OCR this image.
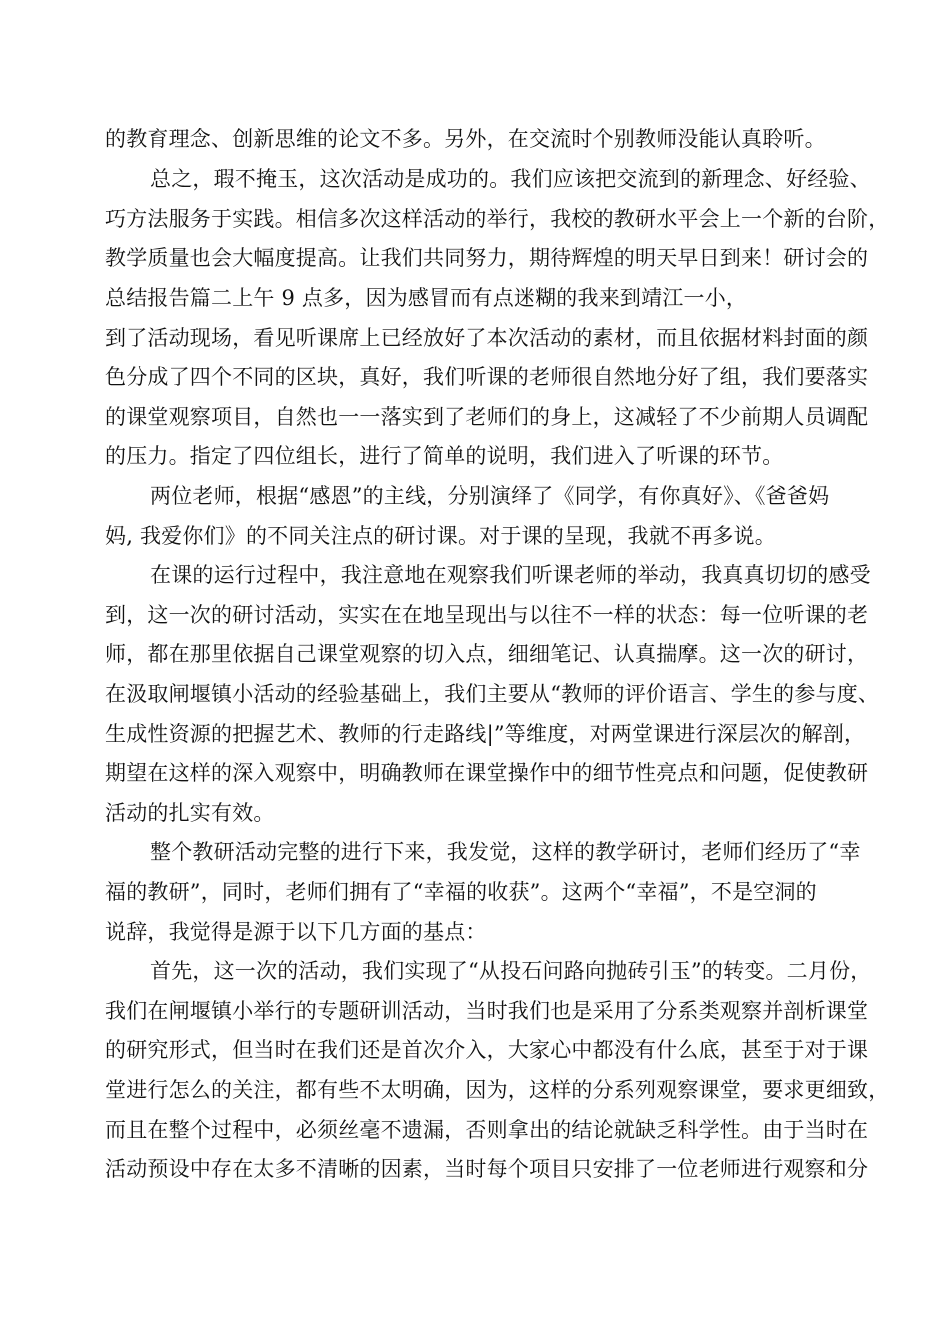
的教育理念、创新思维的论文不多。另外，在交流时个别教师没能认真聆听。
总之，瑕不掩玉，这次活动是成功的。我们应该把交流到的新理念、好经验、
巧方法服务于实践。相信多次这样活动的举行，我校的教研水平会上一个新的台阶，
教学质量也会大幅度提高。让我们共同努力，期待辉煌的明天早日到来！研讨会的
总结报告篇二上午 9 点多，因为感冒而有点迷糊的我来到靖江一小，
到了活动现场，看见听课席上已经放好了本次活动的素材，而且依据材料封面的颜
色分成了四个不同的区块，真好，我们听课的老师很自然地分好了组，我们要落实
的课堂观察项目，自然也一一落实到了老师们的身上，这减轻了不少前期人员调配
的压力。指定了四位组长，进行了简单的说明，我们进入了听课的环节。
两位老师，根据“感恩”的主线，分别演绎了《同学，有你真好》、《爸爸妈
妈, 我爱你们》的不同关注点的研讨课。对于课的呈现，我就不再多说。
在课的运行过程中，我注意地在观察我们听课老师的举动，我真真切切的感受
到，这一次的研讨活动，实实在在地呈现出与以往不一样的状态：每一位听课的老
师，都在那里依据自己课堂观察的切入点，细细笔记、认真揣摩。这一次的研讨，
在汲取闸堰镇小活动的经验基础上，我们主要从“教师的评价语言、学生的参与度、
生成性资源的把握艺术、教师的行走路线|”等维度，对两堂课进行深层次的解剖，
期望在这样的深入观察中，明确教师在课堂操作中的细节性亮点和问题，促使教研
活动的扎实有效。
整个教研活动完整的进行下来，我发觉，这样的教学研讨，老师们经历了“幸
福的教研”，同时，老师们拥有了“幸福的收获”。这两个“幸福”，不是空洞的
说辞，我觉得是源于以下几方面的基点：
首先，这一次的活动，我们实现了“从投石问路向抛砖引玉”的转变。二月份，
我们在闸堰镇小举行的专题研训活动，当时我们也是采用了分系类观察并剖析课堂
的研究形式，但当时在我们还是首次介入，大家心中都没有什么底，甚至于对于课
堂进行怎么的关注，都有些不太明确，因为，这样的分系列观察课堂，要求更细致，
而且在整个过程中，必须丝毫不遗漏，否则拿出的结论就缺乏科学性。由于当时在
活动预设中存在太多不清晰的因素，当时每个项目只安排了一位老师进行观察和分
